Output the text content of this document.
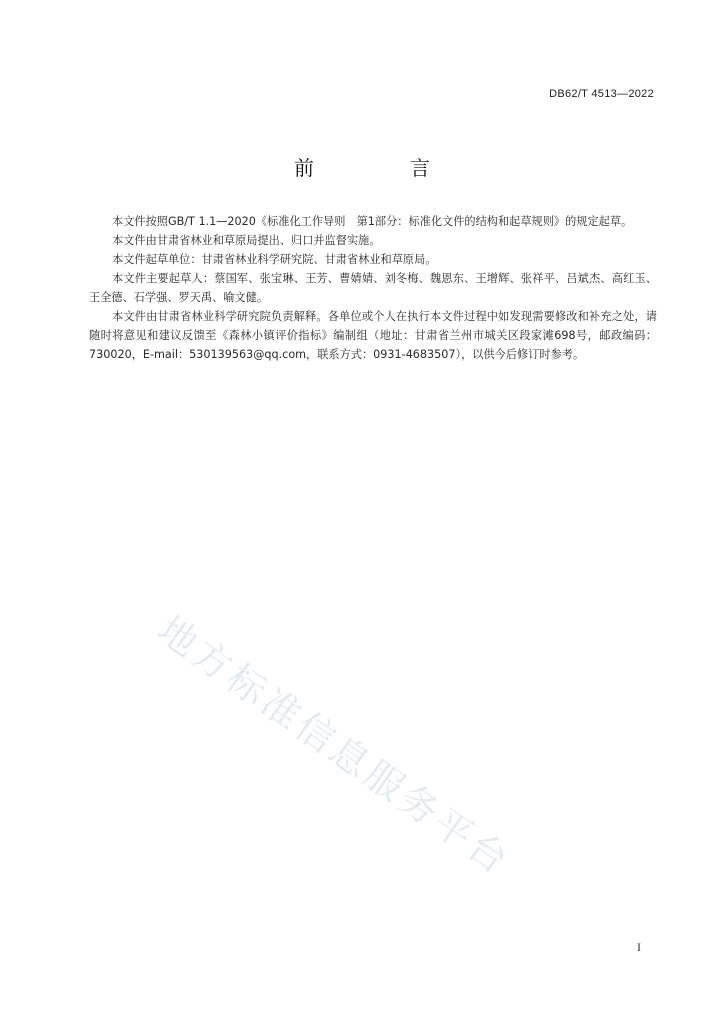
DB62/T 4513—2022
前　言

本文件按照GB/T 1.1—2020《标准化工作导则　第1部分：标准化文件的结构和起草规则》的规定起草。

本文件由甘肃省林业和草原局提出、归口并监督实施。

本文件起草单位：甘肃省林业科学研究院、甘肃省林业和草原局。

本文件主要起草人：蔡国军、张宝琳、王芳、曹婧婧、刘冬梅、魏恩东、王增辉、张祥平、吕斌杰、高红玉、王全德、石学强、罗天禹、喻文健。

本文件由甘肃省林业科学研究院负责解释。各单位或个人在执行本文件过程中如发现需要修改和补充之处，请随时将意见和建议反馈至《森林小镇评价指标》编制组（地址：甘肃省兰州市城关区段家滩698号，邮政编码：730020，E-mail：530139563@qq.com，联系方式：0931-4683507），以供今后修订时参考。

地方标准信息服务平台
I
